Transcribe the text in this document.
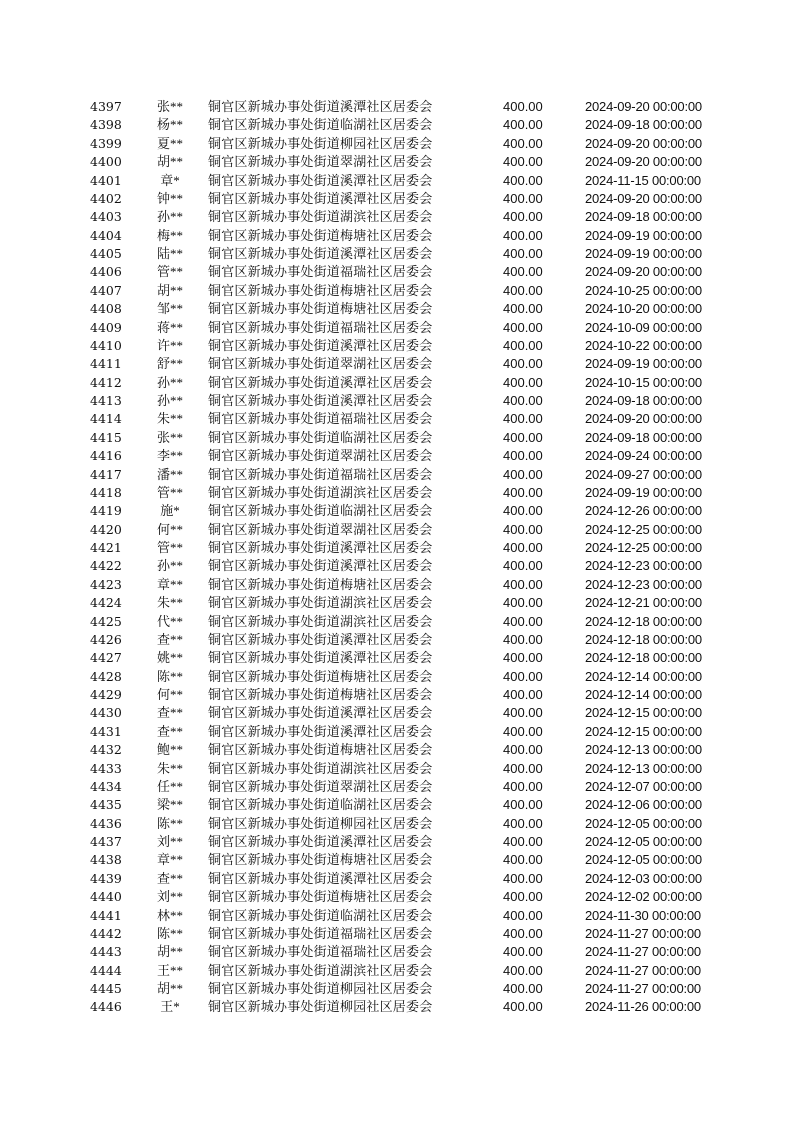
4397	张**	铜官区新城办事处街道溪潭社区居委会	400.00	2024-09-20 00:00:00
4398	杨**	铜官区新城办事处街道临湖社区居委会	400.00	2024-09-18 00:00:00
4399	夏**	铜官区新城办事处街道柳园社区居委会	400.00	2024-09-20 00:00:00
4400	胡**	铜官区新城办事处街道翠湖社区居委会	400.00	2024-09-20 00:00:00
4401	章*	铜官区新城办事处街道溪潭社区居委会	400.00	2024-11-15 00:00:00
4402	钟**	铜官区新城办事处街道溪潭社区居委会	400.00	2024-09-20 00:00:00
4403	孙**	铜官区新城办事处街道湖滨社区居委会	400.00	2024-09-18 00:00:00
4404	梅**	铜官区新城办事处街道梅塘社区居委会	400.00	2024-09-19 00:00:00
4405	陆**	铜官区新城办事处街道溪潭社区居委会	400.00	2024-09-19 00:00:00
4406	管**	铜官区新城办事处街道福瑞社区居委会	400.00	2024-09-20 00:00:00
4407	胡**	铜官区新城办事处街道梅塘社区居委会	400.00	2024-10-25 00:00:00
4408	邹**	铜官区新城办事处街道梅塘社区居委会	400.00	2024-10-20 00:00:00
4409	蒋**	铜官区新城办事处街道福瑞社区居委会	400.00	2024-10-09 00:00:00
4410	许**	铜官区新城办事处街道溪潭社区居委会	400.00	2024-10-22 00:00:00
4411	舒**	铜官区新城办事处街道翠湖社区居委会	400.00	2024-09-19 00:00:00
4412	孙**	铜官区新城办事处街道溪潭社区居委会	400.00	2024-10-15 00:00:00
4413	孙**	铜官区新城办事处街道溪潭社区居委会	400.00	2024-09-18 00:00:00
4414	朱**	铜官区新城办事处街道福瑞社区居委会	400.00	2024-09-20 00:00:00
4415	张**	铜官区新城办事处街道临湖社区居委会	400.00	2024-09-18 00:00:00
4416	李**	铜官区新城办事处街道翠湖社区居委会	400.00	2024-09-24 00:00:00
4417	潘**	铜官区新城办事处街道福瑞社区居委会	400.00	2024-09-27 00:00:00
4418	管**	铜官区新城办事处街道湖滨社区居委会	400.00	2024-09-19 00:00:00
4419	施*	铜官区新城办事处街道临湖社区居委会	400.00	2024-12-26 00:00:00
4420	何**	铜官区新城办事处街道翠湖社区居委会	400.00	2024-12-25 00:00:00
4421	管**	铜官区新城办事处街道溪潭社区居委会	400.00	2024-12-25 00:00:00
4422	孙**	铜官区新城办事处街道溪潭社区居委会	400.00	2024-12-23 00:00:00
4423	章**	铜官区新城办事处街道梅塘社区居委会	400.00	2024-12-23 00:00:00
4424	朱**	铜官区新城办事处街道湖滨社区居委会	400.00	2024-12-21 00:00:00
4425	代**	铜官区新城办事处街道湖滨社区居委会	400.00	2024-12-18 00:00:00
4426	查**	铜官区新城办事处街道溪潭社区居委会	400.00	2024-12-18 00:00:00
4427	姚**	铜官区新城办事处街道溪潭社区居委会	400.00	2024-12-18 00:00:00
4428	陈**	铜官区新城办事处街道梅塘社区居委会	400.00	2024-12-14 00:00:00
4429	何**	铜官区新城办事处街道梅塘社区居委会	400.00	2024-12-14 00:00:00
4430	查**	铜官区新城办事处街道溪潭社区居委会	400.00	2024-12-15 00:00:00
4431	查**	铜官区新城办事处街道溪潭社区居委会	400.00	2024-12-15 00:00:00
4432	鲍**	铜官区新城办事处街道梅塘社区居委会	400.00	2024-12-13 00:00:00
4433	朱**	铜官区新城办事处街道湖滨社区居委会	400.00	2024-12-13 00:00:00
4434	任**	铜官区新城办事处街道翠湖社区居委会	400.00	2024-12-07 00:00:00
4435	梁**	铜官区新城办事处街道临湖社区居委会	400.00	2024-12-06 00:00:00
4436	陈**	铜官区新城办事处街道柳园社区居委会	400.00	2024-12-05 00:00:00
4437	刘**	铜官区新城办事处街道溪潭社区居委会	400.00	2024-12-05 00:00:00
4438	章**	铜官区新城办事处街道梅塘社区居委会	400.00	2024-12-05 00:00:00
4439	查**	铜官区新城办事处街道溪潭社区居委会	400.00	2024-12-03 00:00:00
4440	刘**	铜官区新城办事处街道梅塘社区居委会	400.00	2024-12-02 00:00:00
4441	林**	铜官区新城办事处街道临湖社区居委会	400.00	2024-11-30 00:00:00
4442	陈**	铜官区新城办事处街道福瑞社区居委会	400.00	2024-11-27 00:00:00
4443	胡**	铜官区新城办事处街道福瑞社区居委会	400.00	2024-11-27 00:00:00
4444	王**	铜官区新城办事处街道湖滨社区居委会	400.00	2024-11-27 00:00:00
4445	胡**	铜官区新城办事处街道柳园社区居委会	400.00	2024-11-27 00:00:00
4446	王*	铜官区新城办事处街道柳园社区居委会	400.00	2024-11-26 00:00:00
